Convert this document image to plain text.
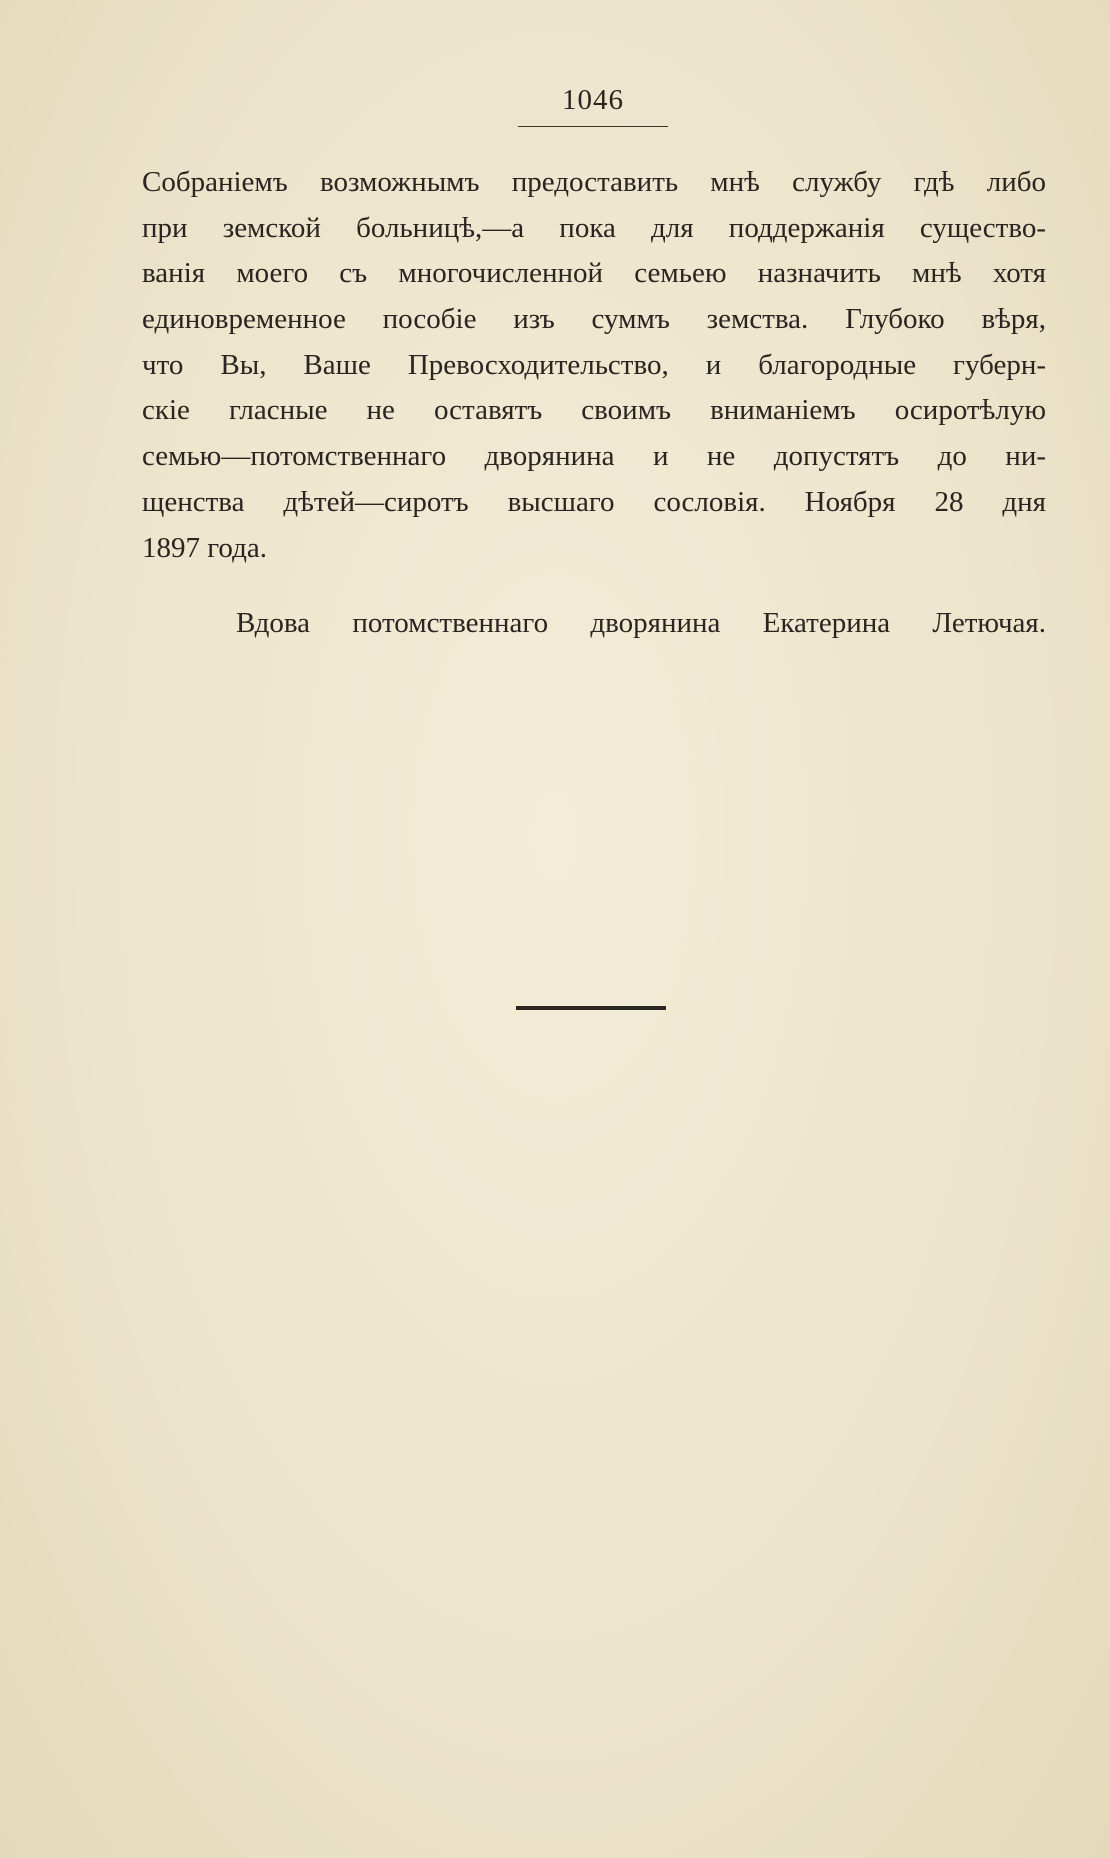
1046
Собраніемъ возможнымъ предоставить мнѣ службу гдѣ либо
при земской больницѣ,—а пока для поддержанія существо-
ванія моего съ многочисленной семьею назначить мнѣ хотя
единовременное пособіе изъ суммъ земства. Глубоко вѣря,
что Вы, Ваше Превосходительство, и благородные губерн-
скіе гласные не оставятъ своимъ вниманіемъ осиротѣлую
семью—потомственнаго дворянина и не допустятъ до ни-
щенства дѣтей—сиротъ высшаго сословія. Ноября 28 дня
1897 года.
Вдова потомственнаго дворянина Екатерина Летючая.
